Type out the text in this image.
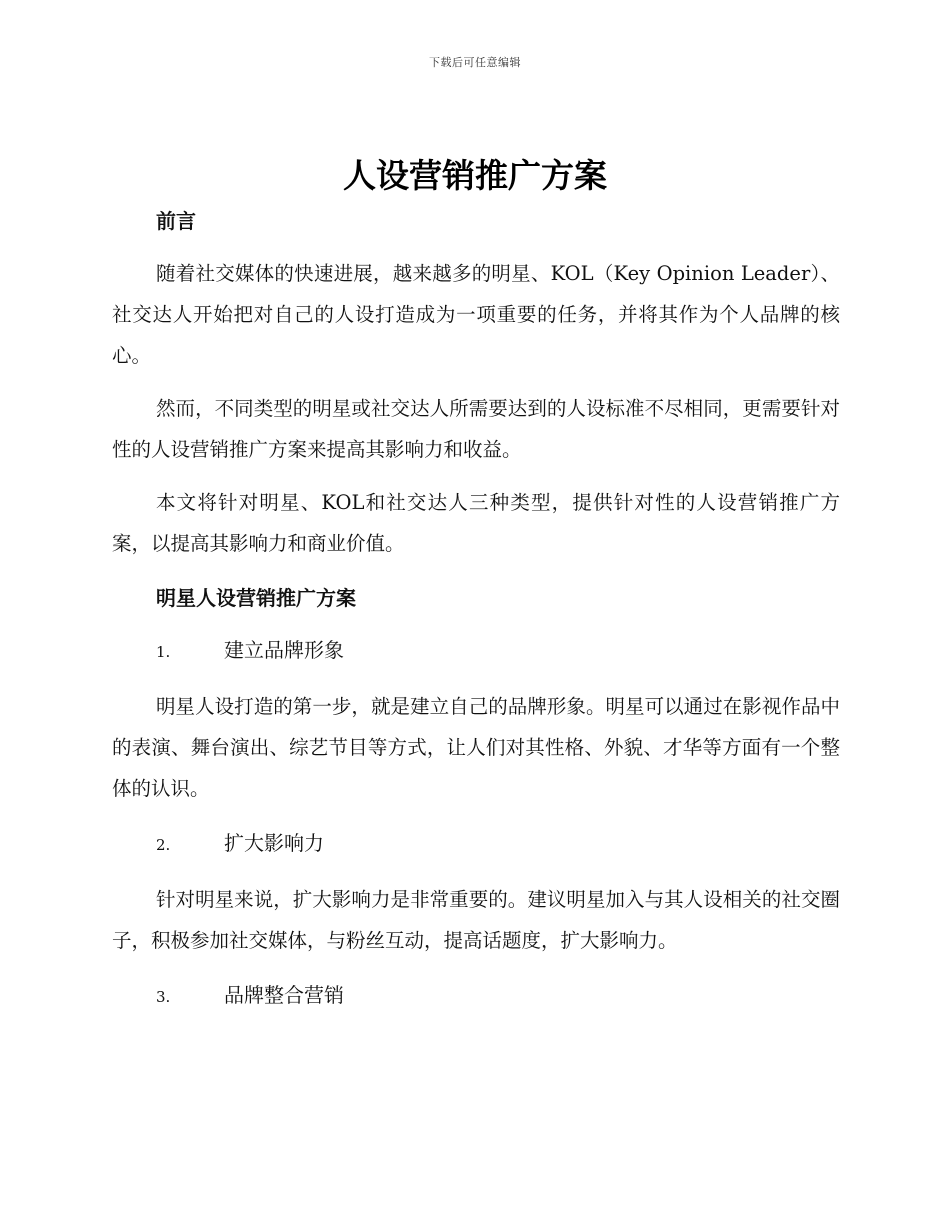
下载后可任意编辑
人设营销推广方案
前言

随着社交媒体的快速进展，越来越多的明星、KOL（Key Opinion Leader）、社交达人开始把对自己的人设打造成为一项重要的任务，并将其作为个人品牌的核心。

然而，不同类型的明星或社交达人所需要达到的人设标准不尽相同，更需要针对性的人设营销推广方案来提高其影响力和收益。

本文将针对明星、KOL和社交达人三种类型，提供针对性的人设营销推广方案，以提高其影响力和商业价值。

明星人设营销推广方案
1.	建立品牌形象

明星人设打造的第一步，就是建立自己的品牌形象。明星可以通过在影视作品中的表演、舞台演出、综艺节目等方式，让人们对其性格、外貌、才华等方面有一个整体的认识。

2.	扩大影响力

针对明星来说，扩大影响力是非常重要的。建议明星加入与其人设相关的社交圈子，积极参加社交媒体，与粉丝互动，提高话题度，扩大影响力。

3.	品牌整合营销
